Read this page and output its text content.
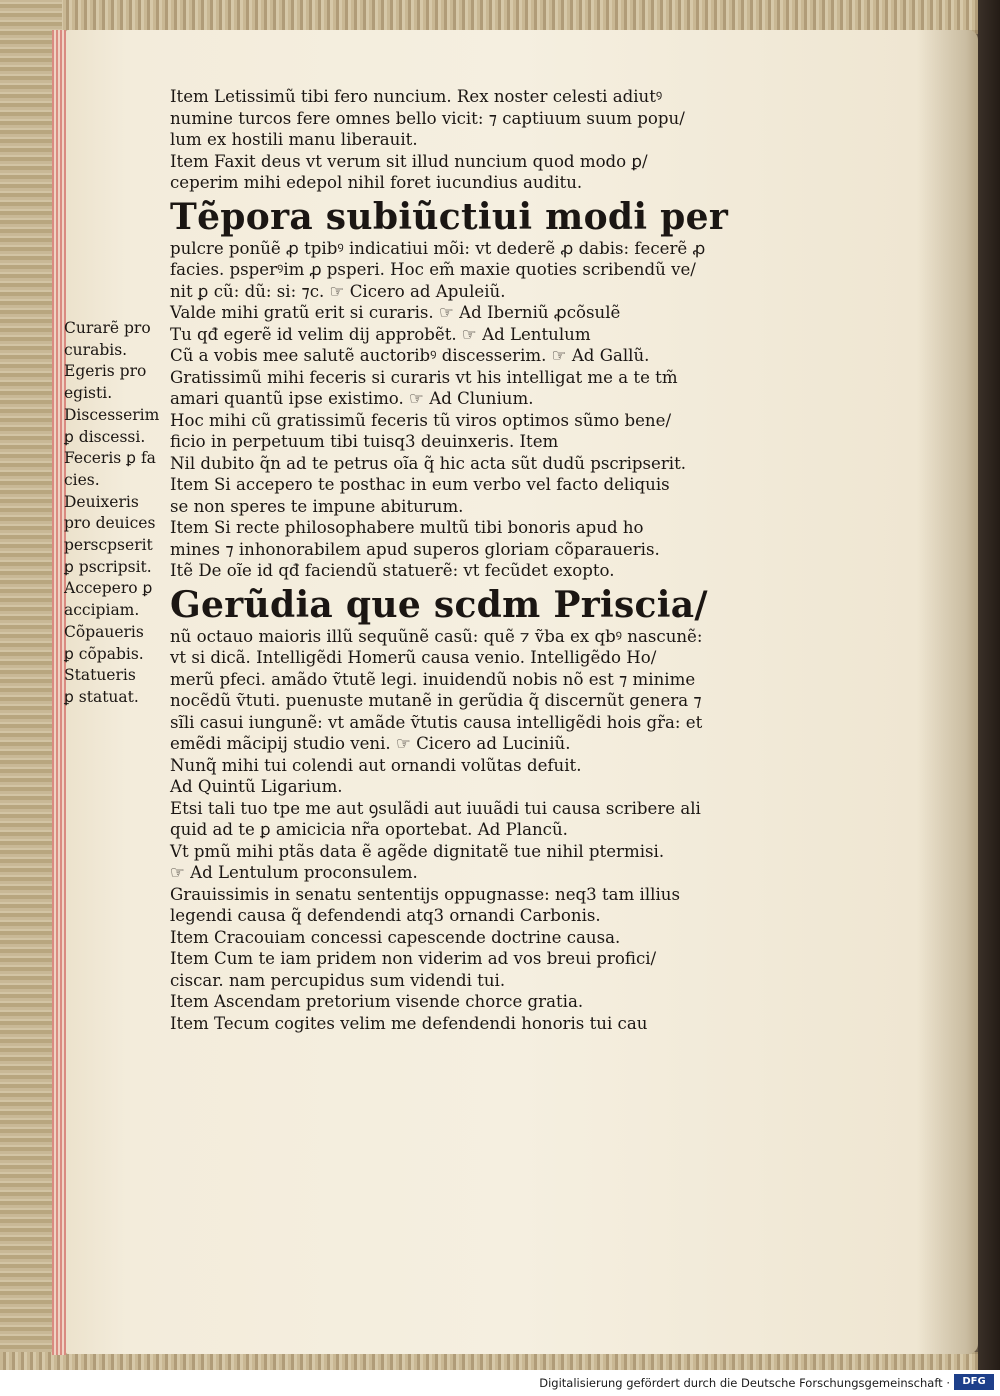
Curarẽ pro
curabis.
Egeris pro
egisti.
Discesserim
ꝑ discessi.
Feceris ꝑ fa
cies.
Deuixeris
pro deuices
perscpserit
ꝑ pscripsit.
Accepero ꝑ
accipiam.
Cõpaueris
ꝑ cõpabis.
Statueris
ꝑ statuat.
Item Letissimũ tibi fero nuncium. Rex noster celesti adiutꝰ
numine turcos fere omnes bello vicit: ⁊ captiuum suum popu/
lum ex hostili manu liberauit.
Item Faxit deus vt verum sit illud nuncium quod modo ꝑ/
ceperim mihi edepol nihil foret iucundius auditu.
Tẽpora subiũctiui modi per
pulcre ponũẽ ꝓ tpibꝰ indicatiui mõi: vt dederẽ ꝓ dabis: fecerẽ ꝓ
facies. psperꝰim ꝓ psperi. Hoc em̃ maxie quoties scribendũ ve/
nit ꝑ cũ: dũ: si: ⁊c. ☞ Cicero ad Apuleiũ.
Valde mihi gratũ erit si curaris. ☞ Ad Iberniũ ꝓcõsulẽ
Tu qđ egerẽ id velim dij approbẽt. ☞ Ad Lentulum
Cũ a vobis mee salutẽ auctoribꝰ discesserim. ☞ Ad Gallũ.
Gratissimũ mihi feceris si curaris vt his intelligat me a te tm̃
amari quantũ ipse existimo. ☞ Ad Clunium.
Hoc mihi cũ gratissimũ feceris tũ viros optimos sũmo bene/
ficio in perpetuum tibi tuisq3 deuinxeris. Item
Nil dubito q̃n ad te petrus oĩa q̃ hic acta sũt dudũ pscripserit.
Item Si accepero te posthac in eum verbo vel facto deliquis
se non speres te impune abiturum.
Item Si recte philosophabere multũ tibi bonoris apud ho
mines ⁊ inhonorabilem apud superos gloriam cõparaueris.
Itẽ De oĩe id qđ faciendũ statuerẽ: vt fecũdet exopto.
Gerũdia que scdm Priscia/
nũ octauo maioris illũ sequũnẽ casũ: quẽ ⁊ ṽba ex qbꝰ nascunẽ:
vt si dicã. Intelligẽdi Homerũ causa venio. Intelligẽdo Ho/
merũ pfeci. amãdo ṽtutẽ legi. inuidendũ nobis nõ est ⁊ minime
nocẽdũ ṽtuti. puenuste mutanẽ in gerũdia q̃ discernũt genera ⁊
sĩli casui iungunẽ: vt amãde ṽtutis causa intelligẽdi hois gr̃a: et
emẽdi mãcipij studio veni. ☞ Cicero ad Luciniũ.
Nunq̃ mihi tui colendi aut ornandi volũtas defuit.
Ad Quintũ Ligarium.
Etsi tali tuo tpe me aut ꝯsulãdi aut iuuãdi tui causa scribere ali
quid ad te ꝑ amicicia nr̃a oportebat. Ad Plancũ.
Vt pmũ mihi ptãs data ẽ agẽde dignitatẽ tue nihil ptermisi.
☞ Ad Lentulum proconsulem.
Grauissimis in senatu sententijs oppugnasse: neq3 tam illius
legendi causa q̃ defendendi atq3 ornandi Carbonis.
Item Cracouiam concessi capescende doctrine causa.
Item Cum te iam pridem non viderim ad vos breui profici/
ciscar. nam percupidus sum videndi tui.
Item Ascendam pretorium visende chorce gratia.
Item Tecum cogites velim me defendendi honoris tui cau
Digitalisierung gefördert durch die Deutsche Forschungsgemeinschaft ·	DFG
